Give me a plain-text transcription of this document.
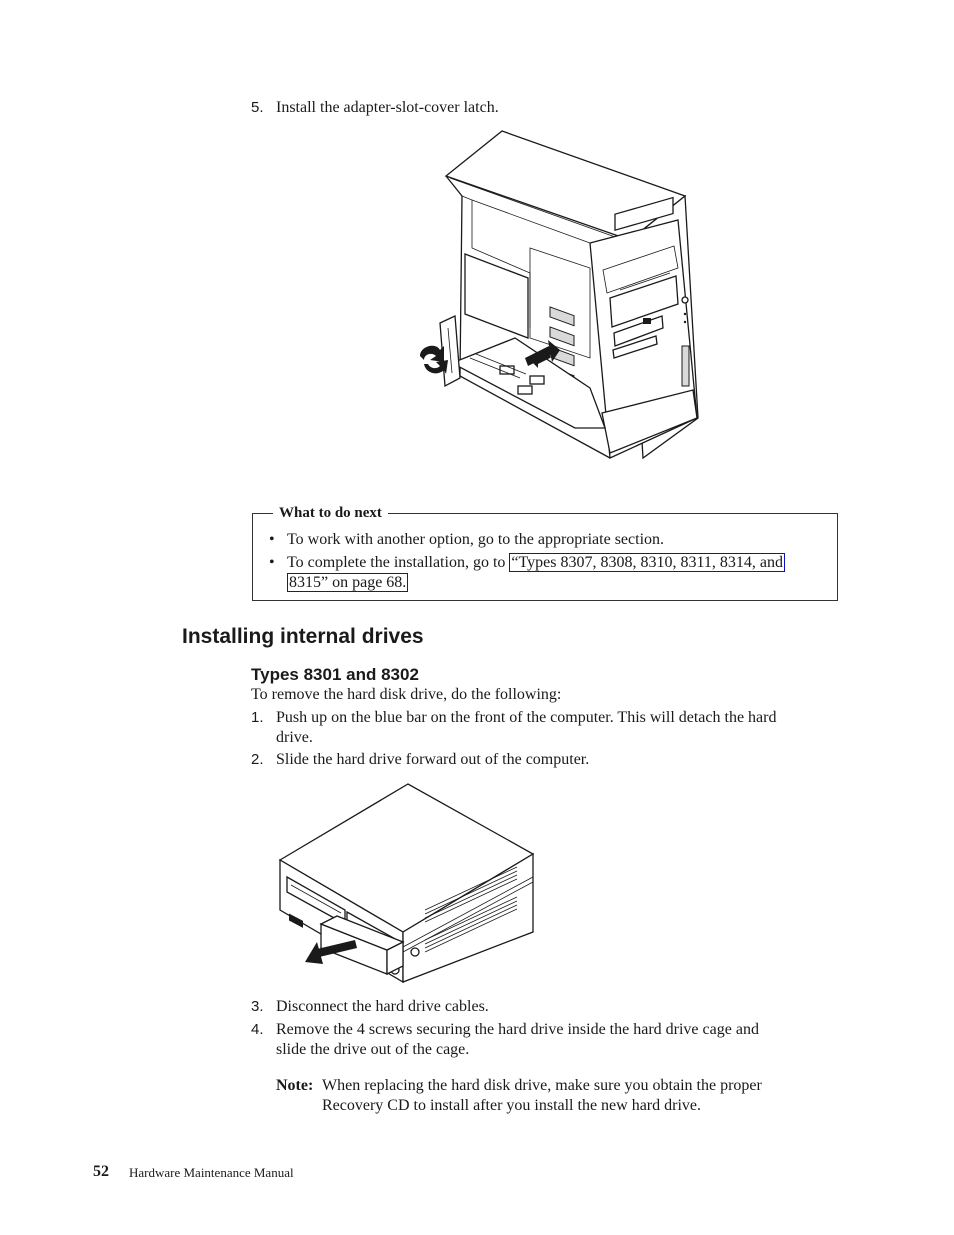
5. Install the adapter-slot-cover latch.
What to do next
• To work with another option, go to the appropriate section.
• To complete the installation, go to “Types 8307, 8308, 8310, 8311, 8314, and
8315” on page 68.
Installing internal drives
Types 8301 and 8302
To remove the hard disk drive, do the following:
1. Push up on the blue bar on the front of the computer. This will detach the hard
drive.
2. Slide the hard drive forward out of the computer.
3. Disconnect the hard drive cables.
4. Remove the 4 screws securing the hard drive inside the hard drive cage and
slide the drive out of the cage.
Note: When replacing the hard disk drive, make sure you obtain the proper
Recovery CD to install after you install the new hard drive.
52 Hardware Maintenance Manual
